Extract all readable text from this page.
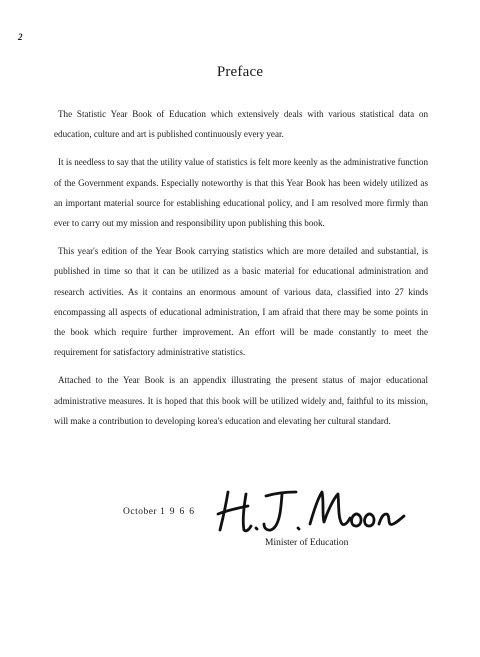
2
Preface

The Statistic Year Book of Education which extensively deals with various statistical data on education, culture and art is published continuously every year.

It is needless to say that the utility value of statistics is felt more keenly as the administrative function of the Government expands. Especially noteworthy is that this Year Book has been widely utilized as an important material source for establishing educational policy, and I am resolved more firmly than ever to carry out my mission and responsibility upon publishing this book.

This year's edition of the Year Book carrying statistics which are more detailed and substantial, is published in time so that it can be utilized as a basic material for educational administration and research activities. As it contains an enormous amount of various data, classified into 27 kinds encompassing all aspects of educational administration, I am afraid that there may be some points in the book which require further improvement. An effort will be made constantly to meet the requirement for satisfactory administrative statistics.

Attached to the Year Book is an appendix illustrating the present status of major educational administrative measures. It is hoped that this book will be utilized widely and, faithful to its mission, will make a contribution to developing korea's education and elevating her cultural standard.

October 1966
Minister of Education
